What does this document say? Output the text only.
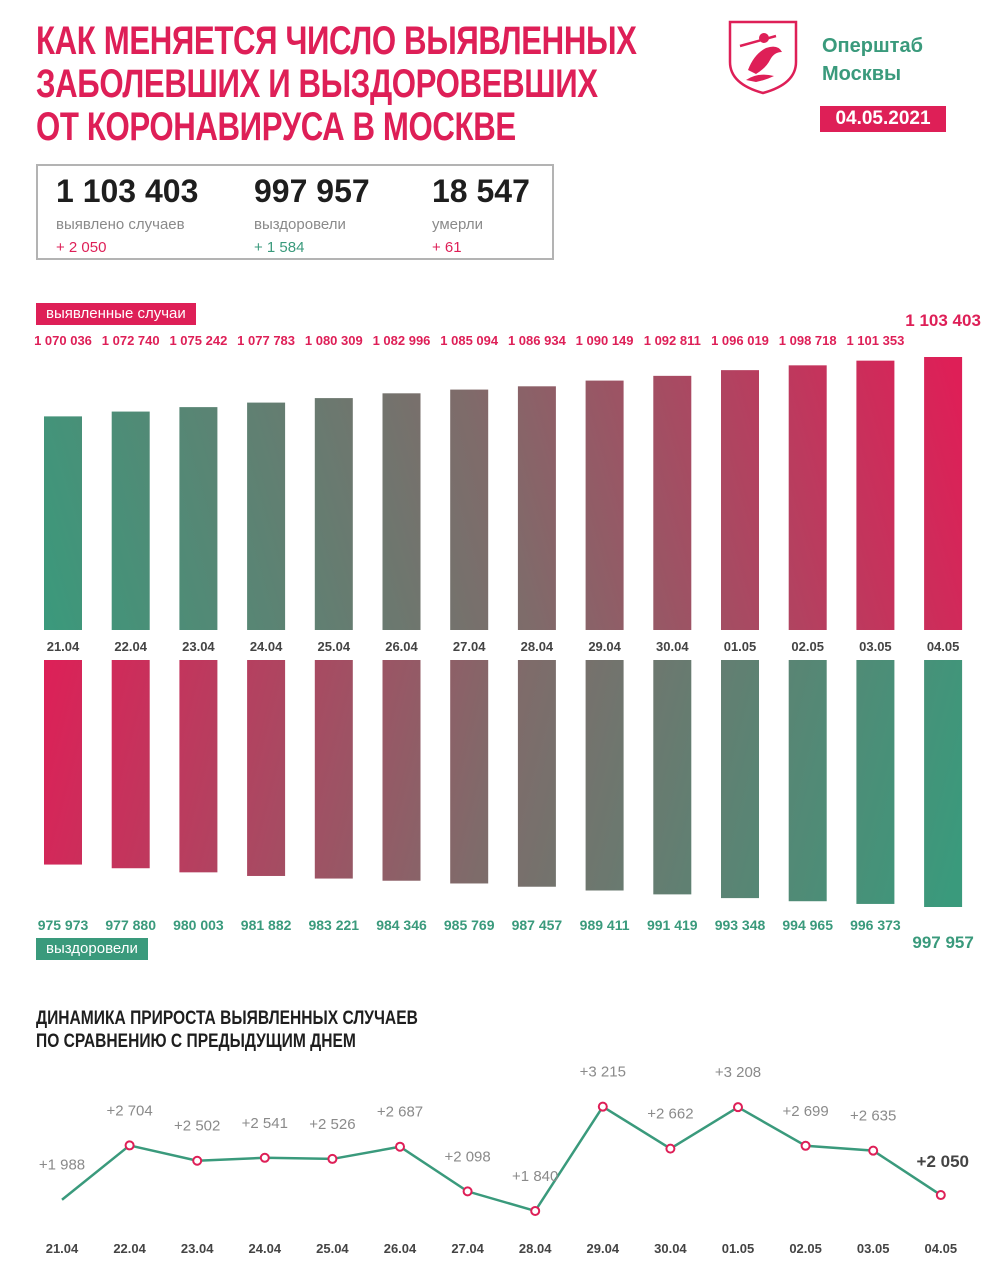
КАК МЕНЯЕТСЯ ЧИСЛО ВЫЯВЛЕННЫХ
ЗАБОЛЕВШИХ И ВЫЗДОРОВЕВШИХ
ОТ КОРОНАВИРУСА В МОСКВЕ
Оперштаб
Москвы
04.05.2021
1 103 403
выявлено случаев
+ 2 050
997 957
выздоровели
+ 1 584
18 547
умерли
+ 61
выявленные случаи
выздоровели
1 070 036 1 072 740 1 075 242 1 077 783 1 080 309 1 082 996 1 085 094 1 086 934 1 090 149 1 092 811 1 096 019 1 098 718 1 101 353
1 103 403
21.04	22.04	23.04	24.04	25.04	26.04	27.04	28.04	29.04	30.04	01.05	02.05	03.05	04.05
975 973 977 880 980 003 981 882 983 221 984 346 985 769 987 457 989 411 991 419 993 348 994 965 996 373
997 957
ДИНАМИКА ПРИРОСТА ВЫЯВЛЕННЫХ СЛУЧАЕВ
ПО СРАВНЕНИЮ С ПРЕДЫДУЩИМ ДНЕМ
+1 988
21.04
+2 704
22.04
+2 502
23.04
+2 541
24.04
+2 526
25.04
+2 687
26.04
+2 098
27.04
+1 840
28.04
+3 215
29.04
+2 662
30.04
+3 208
01.05
+2 699
02.05
+2 635
03.05
+2 050
04.05
